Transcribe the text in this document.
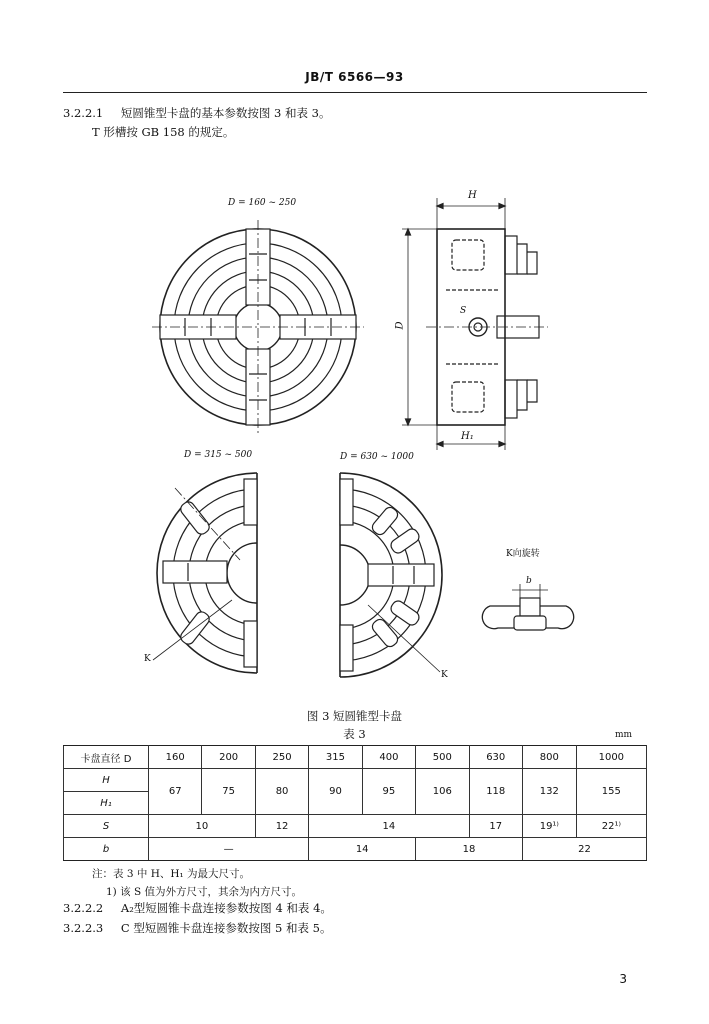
JB/T 6566—93
3.2.2.1 短圆锥型卡盘的基本参数按图 3 和表 3。
T 形槽按 GB 158 的规定。
D = 160 ~ 250
H
H₁
D
S
D = 315 ~ 500	D = 630 ~ 1000
K
K
K向旋转
b
图 3 短圆锥型卡盘
表 3	mm
卡盘直径 D	160	200	250	315	400	500	630	800	1000
H	67	75	80	90	95	106	118	132	155
H₁									
S	10		12	14			17	19¹⁾	22¹⁾
b	—			14		18		22	
注：表 3 中 H、H₁ 为最大尺寸。
1) 该 S 值为外方尺寸，其余为内方尺寸。
3.2.2.2 A₂型短圆锥卡盘连接参数按图 4 和表 4。
3.2.2.3 C 型短圆锥卡盘连接参数按图 5 和表 5。
3
